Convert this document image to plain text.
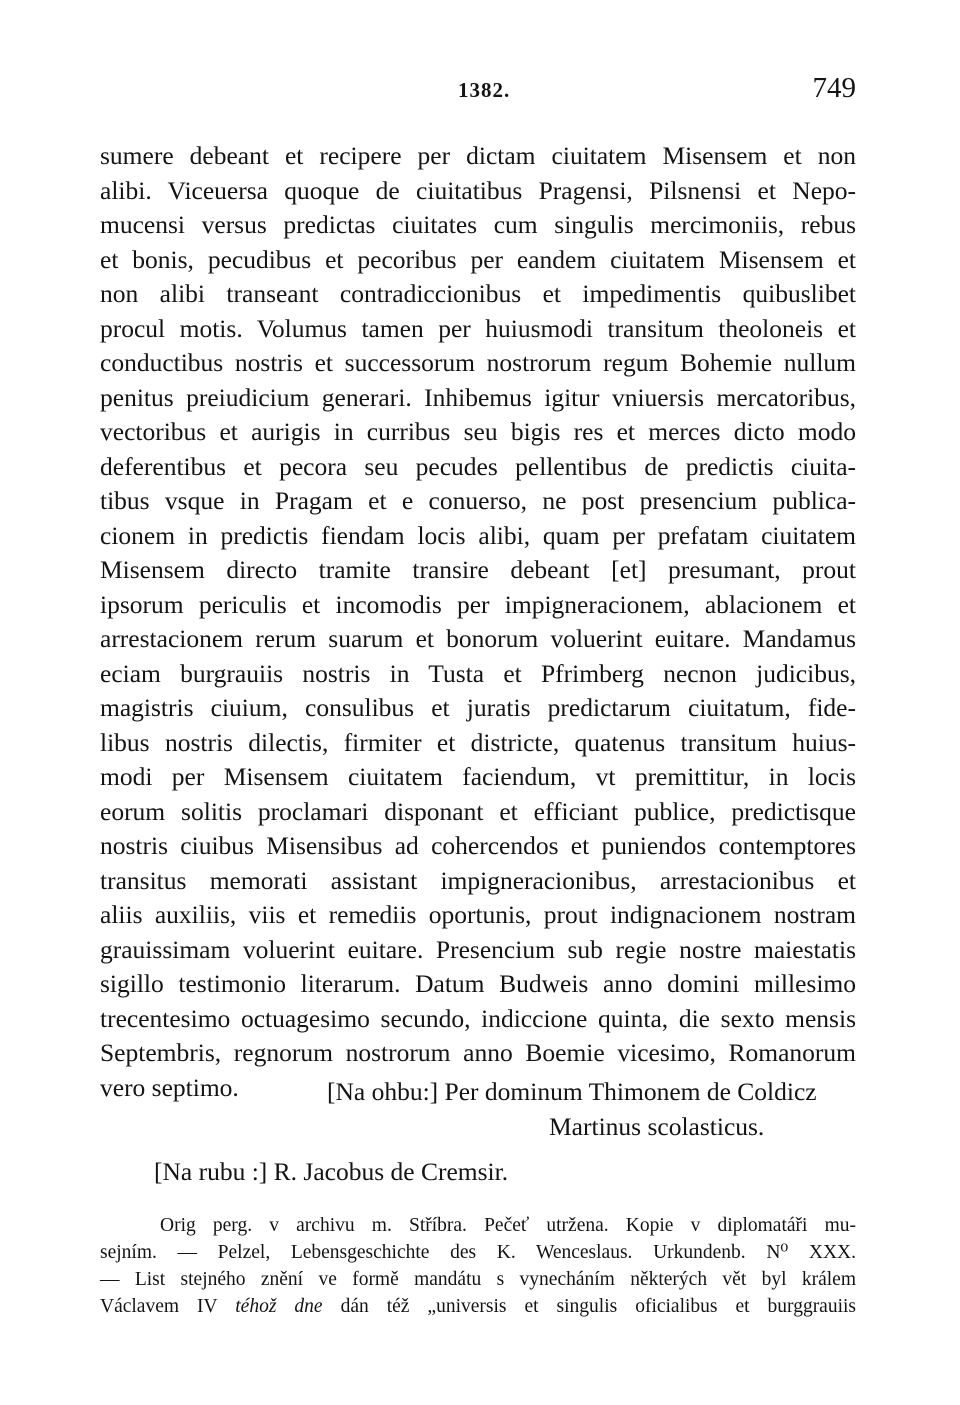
1382.	749
sumere debeant et recipere per dictam ciuitatem Misensem et non
alibi. Viceuersa quoque de ciuitatibus Pragensi, Pilsnensi et Nepo-
mucensi versus predictas ciuitates cum singulis mercimoniis, rebus
et bonis, pecudibus et pecoribus per eandem ciuitatem Misensem et
non alibi transeant contradiccionibus et impedimentis quibuslibet
procul motis. Volumus tamen per huiusmodi transitum theoloneis et
conductibus nostris et successorum nostrorum regum Bohemie nullum
penitus preiudicium generari. Inhibemus igitur vniuersis mercatoribus,
vectoribus et aurigis in curribus seu bigis res et merces dicto modo
deferentibus et pecora seu pecudes pellentibus de predictis ciuita-
tibus vsque in Pragam et e conuerso, ne post presencium publica-
cionem in predictis fiendam locis alibi, quam per prefatam ciuitatem
Misensem directo tramite transire debeant [et] presumant, prout
ipsorum periculis et incomodis per impigneracionem, ablacionem et
arrestacionem rerum suarum et bonorum voluerint euitare. Mandamus
eciam burgrauiis nostris in Tusta et Pfrimberg necnon judicibus,
magistris ciuium, consulibus et juratis predictarum ciuitatum, fide-
libus nostris dilectis, firmiter et districte, quatenus transitum huius-
modi per Misensem ciuitatem faciendum, vt premittitur, in locis
eorum solitis proclamari disponant et efficiant publice, predictisque
nostris ciuibus Misensibus ad cohercendos et puniendos contemptores
transitus memorati assistant impigneracionibus, arrestacionibus et
aliis auxiliis, viis et remediis oportunis, prout indignacionem nostram
grauissimam voluerint euitare. Presencium sub regie nostre maiestatis
sigillo testimonio literarum. Datum Budweis anno domini millesimo
trecentesimo octuagesimo secundo, indiccione quinta, die sexto mensis
Septembris, regnorum nostrorum anno Boemie vicesimo, Romanorum
vero septimo.	[Na ohbu:] Per dominum Thimonem de Coldicz
Martinus scolasticus.
[Na rubu :] R. Jacobus de Cremsir.
Orig perg. v archivu m. Stříbra. Pečeť utržena. Kopie v diplomatáři mu-
sejním. — Pelzel, Lebensgeschichte des K. Wenceslaus. Urkundenb. N⁰ XXX.
— List stejného znění ve formě mandátu s vynecháním některých vět byl králem
Václavem IV téhož dne dán též „universis et singulis oficialibus et burggrauiis
